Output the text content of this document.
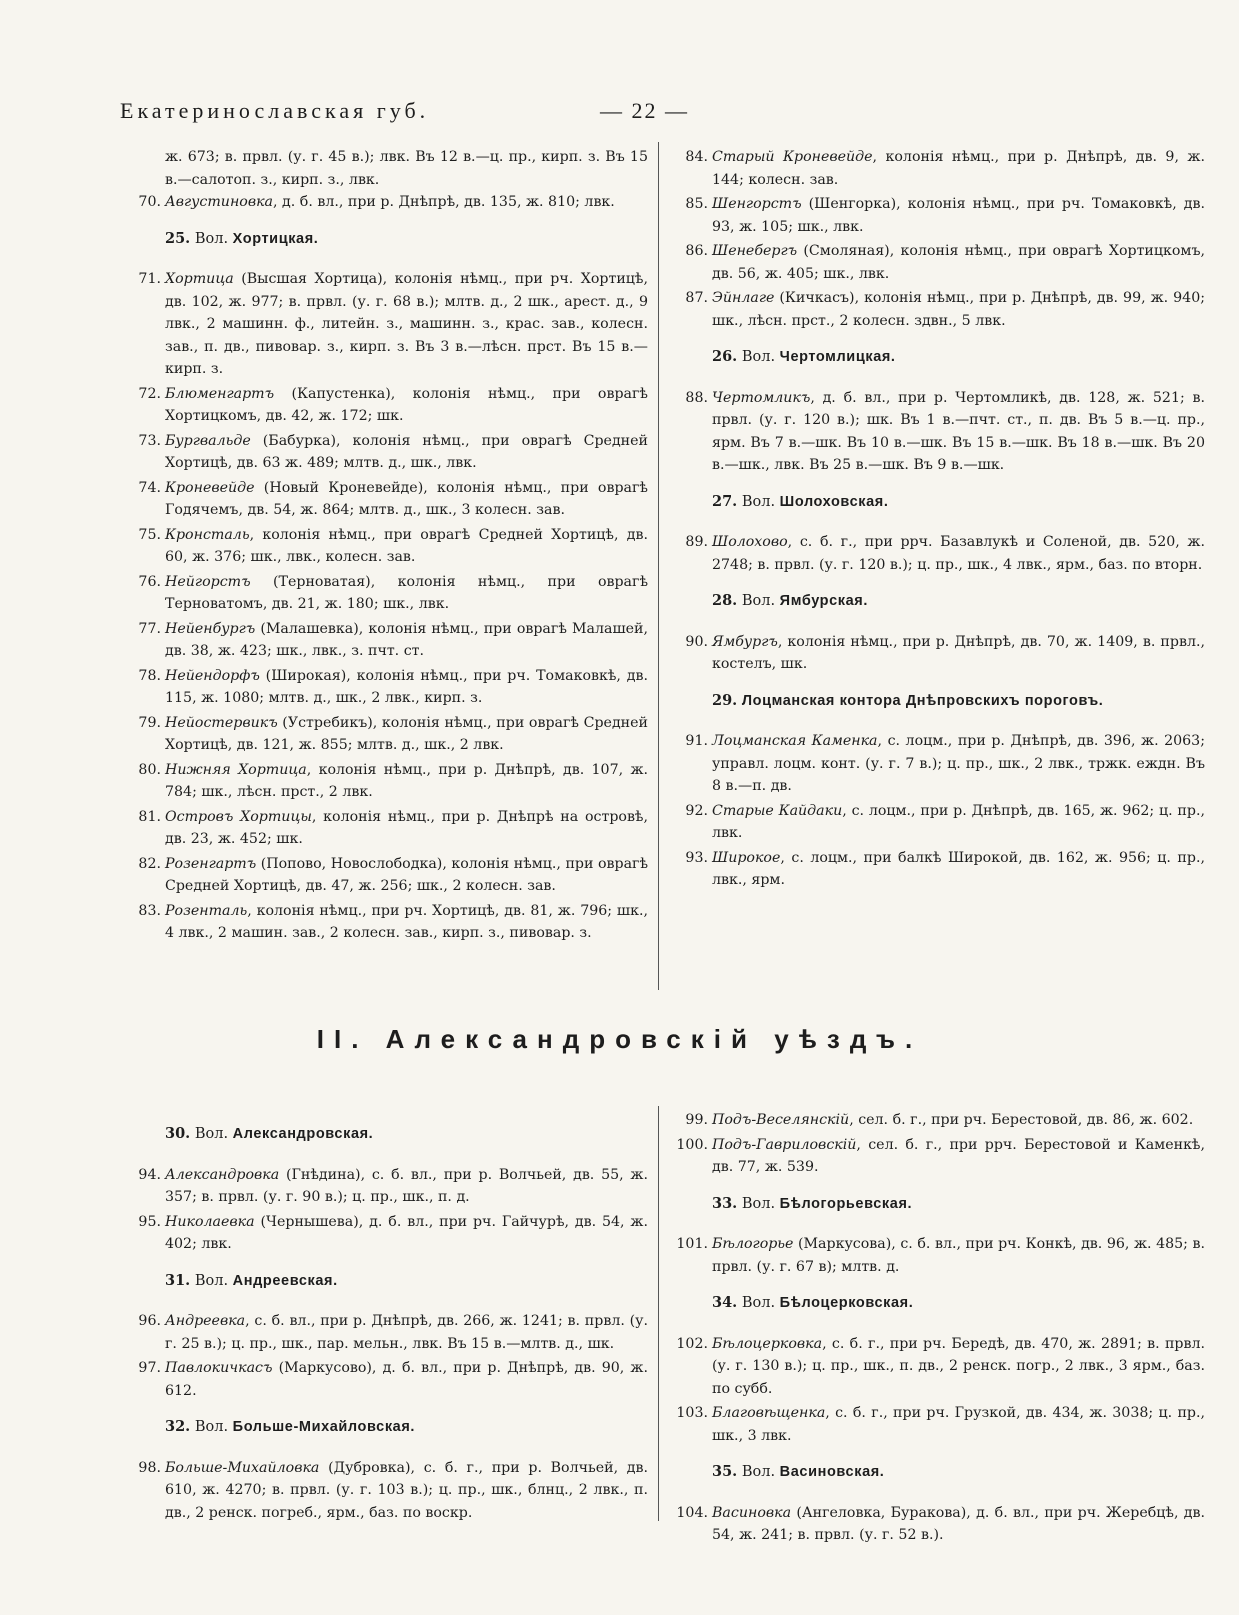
Екатеринославская губ.	— 22 —
ж. 673; в. првл. (у. г. 45 в.); лвк. Въ 12 в.—ц. пр., кирп. з. Въ 15 в.—салотоп. з., кирп. з., лвк.
70. Августиновка, д. б. вл., при р. Днѣпрѣ, дв. 135, ж. 810; лвк.
25. Вол. Хортицкая.
71. Хортица (Высшая Хортица), колонія нѣмц., при рч. Хортицѣ, дв. 102, ж. 977; в. првл. (у. г. 68 в.); млтв. д., 2 шк., арест. д., 9 лвк., 2 машинн. ф., литейн. з., машинн. з., крас. зав., колесн. зав., п. дв., пивовар. з., кирп. з. Въ 3 в.—лѣсн. прст. Въ 15 в.—кирп. з.
72. Блюменгартъ (Капустенка), колонія нѣмц., при оврагѣ Хортицкомъ, дв. 42, ж. 172; шк.
73. Бургвальде (Бабурка), колонія нѣмц., при оврагѣ Средней Хортицѣ, дв. 63 ж. 489; млтв. д., шк., лвк.
74. Кроневейде (Новый Кроневейде), колонія нѣмц., при оврагѣ Годячемъ, дв. 54, ж. 864; млтв. д., шк., 3 колесн. зав.
75. Кронсталь, колонія нѣмц., при оврагѣ Средней Хортицѣ, дв. 60, ж. 376; шк., лвк., колесн. зав.
76. Нейгорстъ (Терноватая), колонія нѣмц., при оврагѣ Терноватомъ, дв. 21, ж. 180; шк., лвк.
77. Нейенбургъ (Малашевка), колонія нѣмц., при оврагѣ Малашей, дв. 38, ж. 423; шк., лвк., з. пчт. ст.
78. Нейендорфъ (Широкая), колонія нѣмц., при рч. Томаковкѣ, дв. 115, ж. 1080; млтв. д., шк., 2 лвк., кирп. з.
79. Нейостервикъ (Устребикъ), колонія нѣмц., при оврагѣ Средней Хортицѣ, дв. 121, ж. 855; млтв. д., шк., 2 лвк.
80. Нижняя Хортица, колонія нѣмц., при р. Днѣпрѣ, дв. 107, ж. 784; шк., лѣсн. прст., 2 лвк.
81. Островъ Хортицы, колонія нѣмц., при р. Днѣпрѣ на островѣ, дв. 23, ж. 452; шк.
82. Розенгартъ (Попово, Новослободка), колонія нѣмц., при оврагѣ Средней Хортицѣ, дв. 47, ж. 256; шк., 2 колесн. зав.
83. Розенталь, колонія нѣмц., при рч. Хортицѣ, дв. 81, ж. 796; шк., 4 лвк., 2 машин. зав., 2 колесн. зав., кирп. з., пивовар. з.
84. Старый Кроневейде, колонія нѣмц., при р. Днѣпрѣ, дв. 9, ж. 144; колесн. зав.
85. Шенгорстъ (Шенгорка), колонія нѣмц., при рч. Томаковкѣ, дв. 93, ж. 105; шк., лвк.
86. Шенебергъ (Смоляная), колонія нѣмц., при оврагѣ Хортицкомъ, дв. 56, ж. 405; шк., лвк.
87. Эйнлаге (Кичкасъ), колонія нѣмц., при р. Днѣпрѣ, дв. 99, ж. 940; шк., лѣсн. прст., 2 колесн. здвн., 5 лвк.
26. Вол. Чертомлицкая.
88. Чертомликъ, д. б. вл., при р. Чертомликѣ, дв. 128, ж. 521; в. првл. (у. г. 120 в.); шк. Въ 1 в.—пчт. ст., п. дв. Въ 5 в.—ц. пр., ярм. Въ 7 в.—шк. Въ 10 в.—шк. Въ 15 в.—шк. Въ 18 в.—шк. Въ 20 в.—шк., лвк. Въ 25 в.—шк. Въ 9 в.—шк.
27. Вол. Шолоховская.
89. Шолохово, с. б. г., при ррч. Базавлукѣ и Соленой, дв. 520, ж. 2748; в. првл. (у. г. 120 в.); ц. пр., шк., 4 лвк., ярм., баз. по вторн.
28. Вол. Ямбурская.
90. Ямбургъ, колонія нѣмц., при р. Днѣпрѣ, дв. 70, ж. 1409, в. првл., костелъ, шк.
29. Лоцманская контора Днѣпровскихъ пороговъ.
91. Лоцманская Каменка, с. лоцм., при р. Днѣпрѣ, дв. 396, ж. 2063; управл. лоцм. конт. (у. г. 7 в.); ц. пр., шк., 2 лвк., тржк. еждн. Въ 8 в.—п. дв.
92. Старые Кайдаки, с. лоцм., при р. Днѣпрѣ, дв. 165, ж. 962; ц. пр., лвк.
93. Широкое, с. лоцм., при балкѣ Широкой, дв. 162, ж. 956; ц. пр., лвк., ярм.
II. Александровскій уѣздъ.
30. Вол. Александровская.
94. Александровка (Гнѣдина), с. б. вл., при р. Волчьей, дв. 55, ж. 357; в. првл. (у. г. 90 в.); ц. пр., шк., п. д.
95. Николаевка (Чернышева), д. б. вл., при рч. Гайчурѣ, дв. 54, ж. 402; лвк.
31. Вол. Андреевская.
96. Андреевка, с. б. вл., при р. Днѣпрѣ, дв. 266, ж. 1241; в. првл. (у. г. 25 в.); ц. пр., шк., пар. мельн., лвк. Въ 15 в.—млтв. д., шк.
97. Павлокичкасъ (Маркусово), д. б. вл., при р. Днѣпрѣ, дв. 90, ж. 612.
32. Вол. Больше-Михайловская.
98. Больше-Михайловка (Дубровка), с. б. г., при р. Волчьей, дв. 610, ж. 4270; в. првл. (у. г. 103 в.); ц. пр., шк., блнц., 2 лвк., п. дв., 2 ренск. погреб., ярм., баз. по воскр.
99. Подъ-Веселянскій, сел. б. г., при рч. Берестовой, дв. 86, ж. 602.
100. Подъ-Гавриловскій, сел. б. г., при ррч. Берестовой и Каменкѣ, дв. 77, ж. 539.
33. Вол. Бѣлогорьевская.
101. Бѣлогорье (Маркусова), с. б. вл., при рч. Конкѣ, дв. 96, ж. 485; в. првл. (у. г. 67 в); млтв. д.
34. Вол. Бѣлоцерковская.
102. Бѣлоцерковка, с. б. г., при рч. Бередѣ, дв. 470, ж. 2891; в. првл. (у. г. 130 в.); ц. пр., шк., п. дв., 2 ренск. погр., 2 лвк., 3 ярм., баз. по субб.
103. Благовѣщенка, с. б. г., при рч. Грузкой, дв. 434, ж. 3038; ц. пр., шк., 3 лвк.
35. Вол. Васиновская.
104. Васиновка (Ангеловка, Буракова), д. б. вл., при рч. Жеребцѣ, дв. 54, ж. 241; в. првл. (у. г. 52 в.).
